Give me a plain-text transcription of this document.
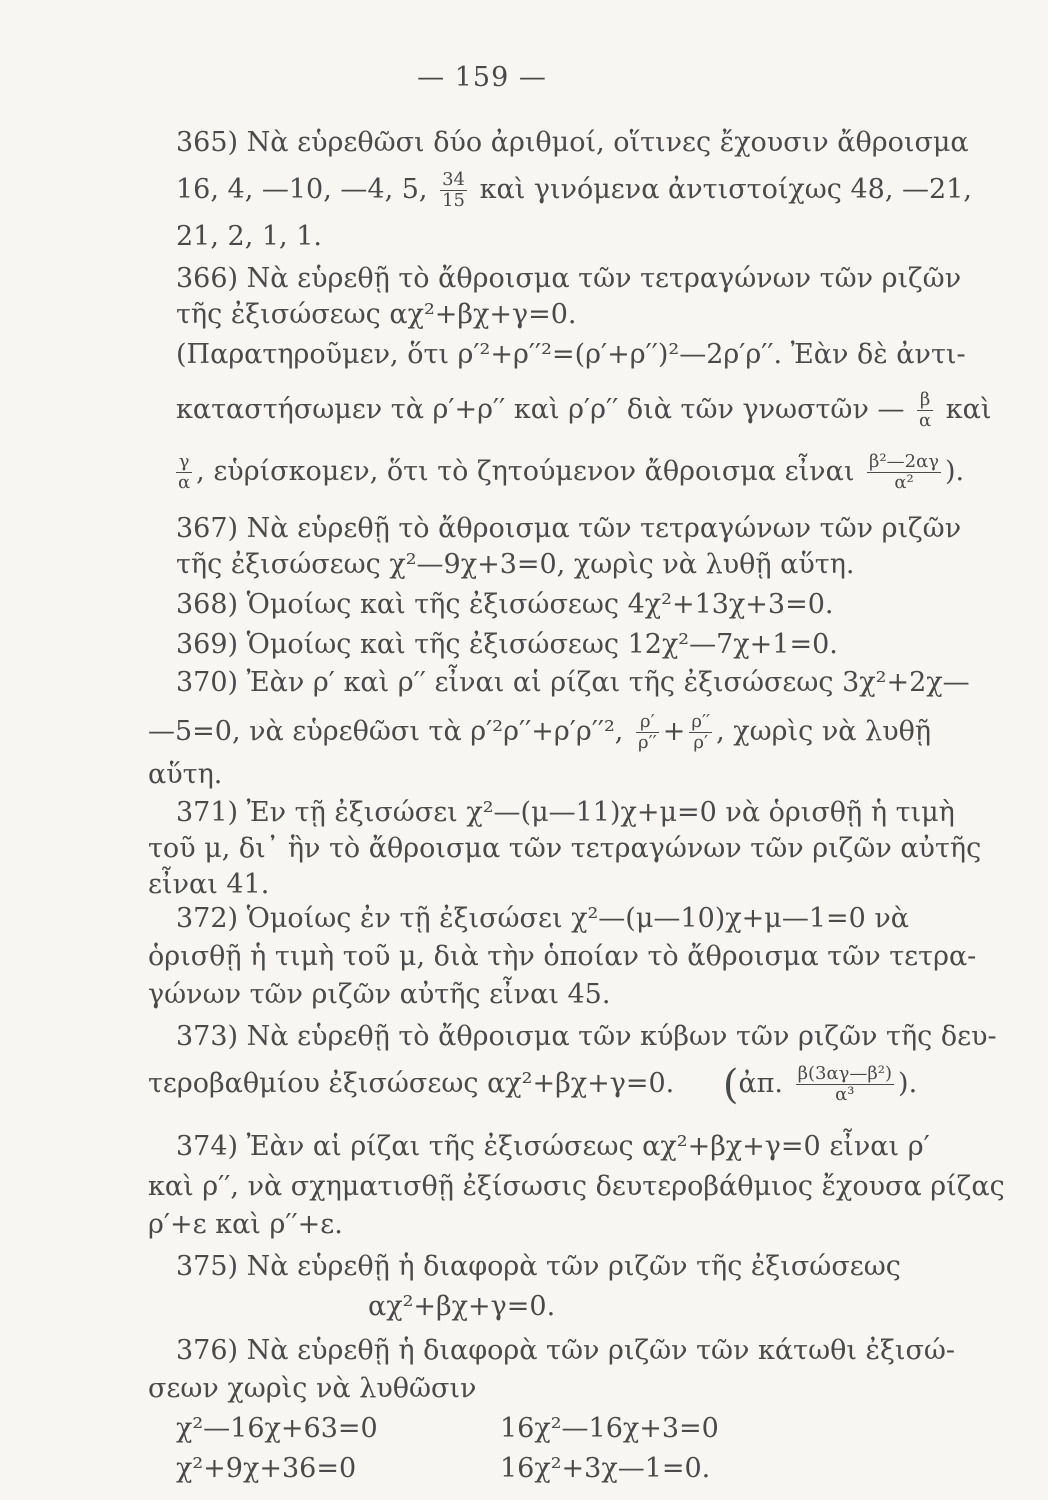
— 159 —
365) Νὰ εὑρεθῶσι δύο ἀριθμοί, οἵτινες ἔχουσιν ἄθροισμα
16, 4, —10, —4, 5, $\frac{34}{15}$ καὶ γινόμενα ἀντιστοίχως 48, —21,
21, 2, 1, 1.
366) Νὰ εὑρεθῇ τὸ ἄθροισμα τῶν τετραγώνων τῶν ριζῶν
τῆς ἐξισώσεως αχ²+βχ+γ=0.
(Παρατηροῦμεν, ὅτι ρ′²+ρ′′²=(ρ′+ρ′′)²—2ρ′ρ′′. Ἐὰν δὲ ἀντι-
καταστήσωμεν τὰ ρ′+ρ′′ καὶ ρ′ρ′′ διὰ τῶν γνωστῶν — $\frac{\beta}{\alpha}$ καὶ
$\frac{\gamma}{\alpha}$ , εὑρίσκομεν, ὅτι τὸ ζητούμενον ἄθροισμα εἶναι $\frac{\text{β²—2αγ}}{\text{α²}}$ ).
367) Νὰ εὑρεθῇ τὸ ἄθροισμα τῶν τετραγώνων τῶν ριζῶν
τῆς ἐξισώσεως χ²—9χ+3=0, χωρὶς νὰ λυθῇ αὕτη.
368) Ὁμοίως καὶ τῆς ἐξισώσεως 4χ²+13χ+3=0.
369) Ὁμοίως καὶ τῆς ἐξισώσεως 12χ²—7χ+1=0.
370) Ἐὰν ρ′ καὶ ρ′′ εἶναι αἱ ρίζαι τῆς ἐξισώσεως 3χ²+2χ—
—5=0, νὰ εὑρεθῶσι τὰ ρ′²ρ′′+ρ′ρ′′², $\frac{\rho'}{\rho''} + \frac{\rho''}{\rho'}$ , χωρὶς νὰ λυθῇ
αὕτη.
371) Ἐν τῇ ἐξισώσει χ²—(μ—11)χ+μ=0 νὰ ὁρισθῇ ἡ τιμὴ
τοῦ μ, δι᾽ ἣν τὸ ἄθροισμα τῶν τετραγώνων τῶν ριζῶν αὐτῆς
εἶναι 41.
372) Ὁμοίως ἐν τῇ ἐξισώσει χ²—(μ—10)χ+μ—1=0 νὰ
ὁρισθῇ ἡ τιμὴ τοῦ μ, διὰ τὴν ὁποίαν τὸ ἄθροισμα τῶν τετρα-
γώνων τῶν ριζῶν αὐτῆς εἶναι 45.
373) Νὰ εὑρεθῇ τὸ ἄθροισμα τῶν κύβων τῶν ριζῶν τῆς δευ-
τεροβαθμίου ἐξισώσεως αχ²+βχ+γ=0. (ἀπ. $\frac{\text{β(3αγ—β²)}}{\text{α³}}$ ).
374) Ἐὰν αἱ ρίζαι τῆς ἐξισώσεως αχ²+βχ+γ=0 εἶναι ρ′
καὶ ρ′′, νὰ σχηματισθῇ ἐξίσωσις δευτεροβάθμιος ἔχουσα ρίζας
ρ′+ε καὶ ρ′′+ε.
375) Νὰ εὑρεθῇ ἡ διαφορὰ τῶν ριζῶν τῆς ἐξισώσεως
αχ²+βχ+γ=0.
376) Νὰ εὑρεθῇ ἡ διαφορὰ τῶν ριζῶν τῶν κάτωθι ἐξισώ-
σεων χωρὶς νὰ λυθῶσιν
χ²—16χ+63=0	16χ²—16χ+3=0
χ²+9χ+36=0	16χ²+3χ—1=0.
